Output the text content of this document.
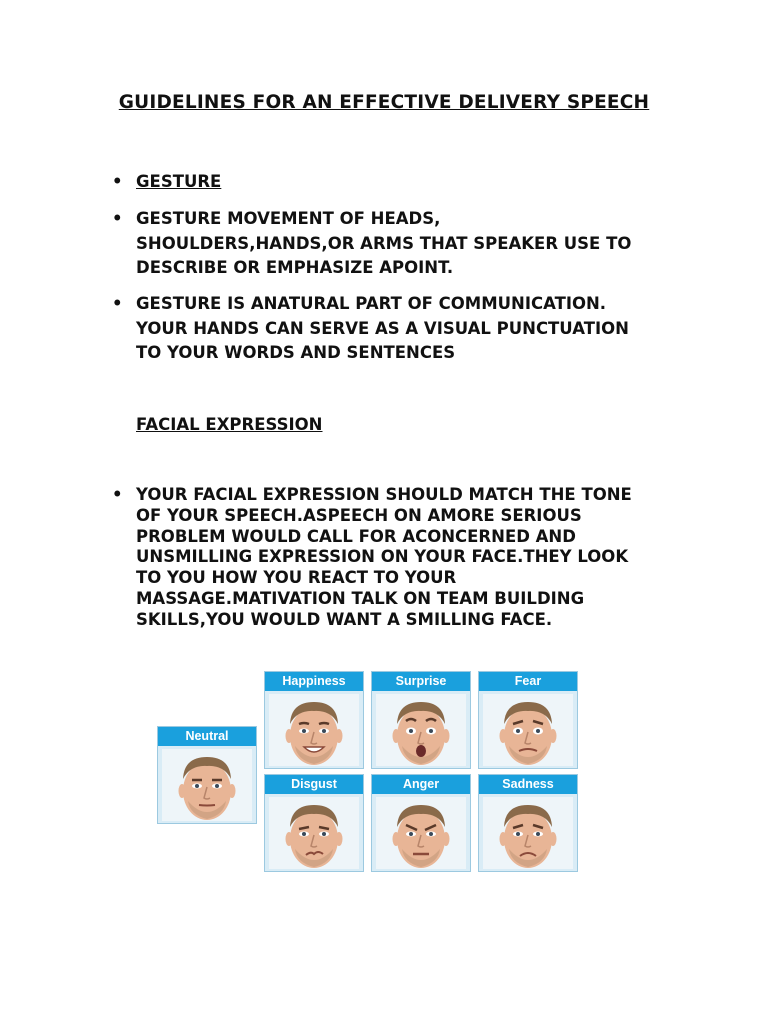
GUIDELINES FOR AN EFFECTIVE DELIVERY SPEECH
• GESTURE
• GESTURE MOVEMENT OF HEADS,
SHOULDERS,HANDS,OR ARMS THAT SPEAKER USE TO
DESCRIBE OR EMPHASIZE APOINT.
• GESTURE IS ANATURAL PART OF COMMUNICATION.
YOUR HANDS CAN SERVE AS A VISUAL PUNCTUATION
TO YOUR WORDS AND SENTENCES
FACIAL EXPRESSION
• YOUR FACIAL EXPRESSION SHOULD MATCH THE TONE
OF YOUR SPEECH.ASPEECH ON AMORE SERIOUS
PROBLEM WOULD CALL FOR ACONCERNED AND
UNSMILLING EXPRESSION ON YOUR FACE.THEY LOOK
TO YOU HOW YOU REACT TO YOUR
MASSAGE.MATIVATION TALK ON TEAM BUILDING
SKILLS,YOU WOULD WANT A SMILLING FACE.
Neutral
Happiness	Surprise	Fear
Disgust	Anger	Sadness
